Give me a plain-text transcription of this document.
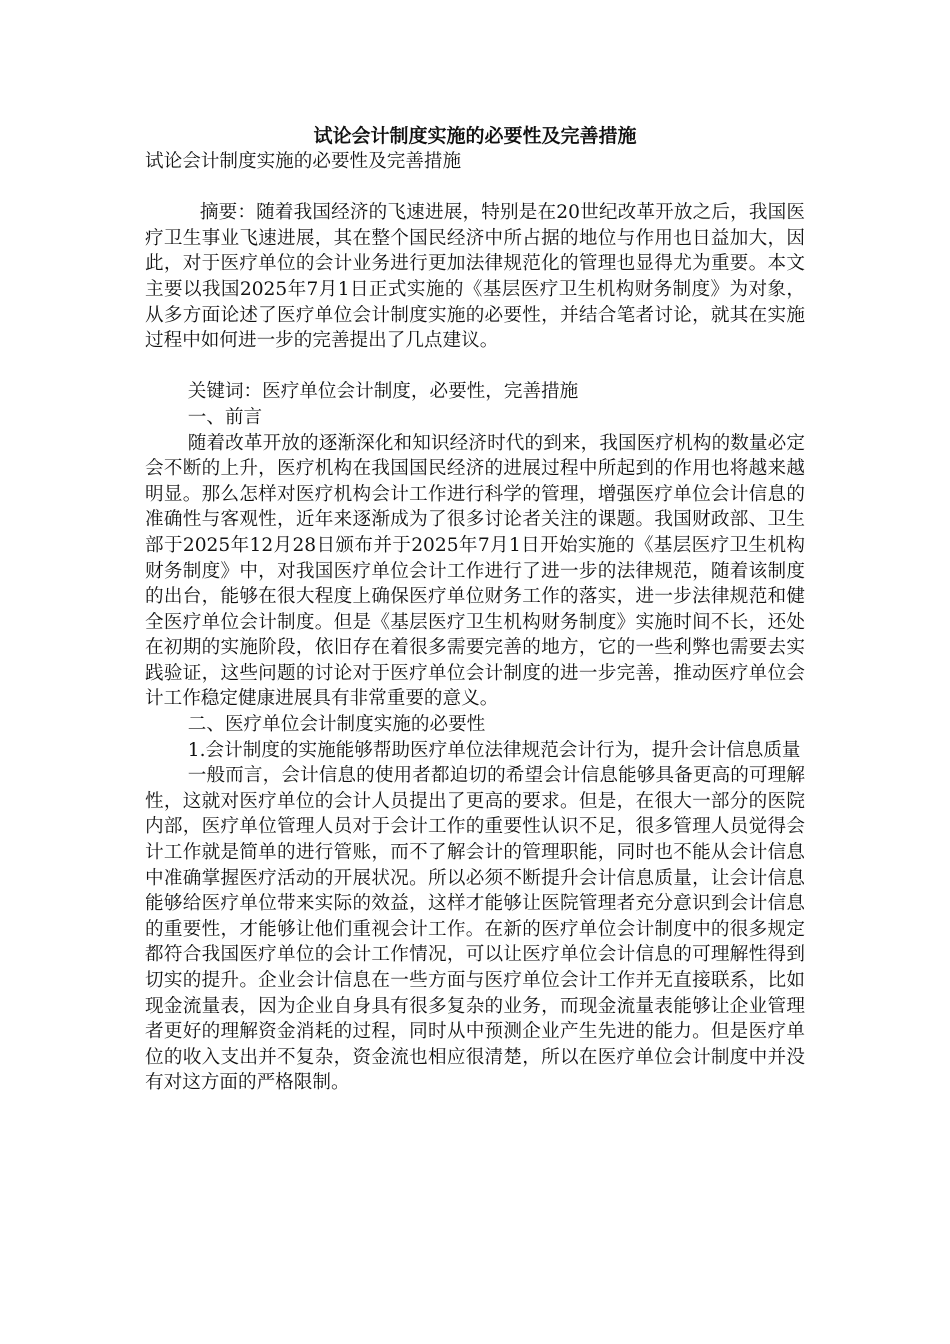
试论会计制度实施的必要性及完善措施

试论会计制度实施的必要性及完善措施

摘要：随着我国经济的飞速进展，特别是在20世纪改革开放之后，我国医疗卫生事业飞速进展，其在整个国民经济中所占据的地位与作用也日益加大，因此，对于医疗单位的会计业务进行更加法律规范化的管理也显得尤为重要。本文主要以我国2025年7月1日正式实施的《基层医疗卫生机构财务制度》为对象，从多方面论述了医疗单位会计制度实施的必要性，并结合笔者讨论，就其在实施过程中如何进一步的完善提出了几点建议。

关键词：医疗单位会计制度，必要性，完善措施

一、前言

随着改革开放的逐渐深化和知识经济时代的到来，我国医疗机构的数量必定会不断的上升，医疗机构在我国国民经济的进展过程中所起到的作用也将越来越明显。那么怎样对医疗机构会计工作进行科学的管理，增强医疗单位会计信息的准确性与客观性，近年来逐渐成为了很多讨论者关注的课题。我国财政部、卫生部于2025年12月28日颁布并于2025年7月1日开始实施的《基层医疗卫生机构财务制度》中，对我国医疗单位会计工作进行了进一步的法律规范，随着该制度的出台，能够在很大程度上确保医疗单位财务工作的落实，进一步法律规范和健全医疗单位会计制度。但是《基层医疗卫生机构财务制度》实施时间不长，还处在初期的实施阶段，依旧存在着很多需要完善的地方，它的一些利弊也需要去实践验证，这些问题的讨论对于医疗单位会计制度的进一步完善，推动医疗单位会计工作稳定健康进展具有非常重要的意义。

二、医疗单位会计制度实施的必要性

1.会计制度的实施能够帮助医疗单位法律规范会计行为，提升会计信息质量

一般而言，会计信息的使用者都迫切的希望会计信息能够具备更高的可理解性，这就对医疗单位的会计人员提出了更高的要求。但是，在很大一部分的医院内部，医疗单位管理人员对于会计工作的重要性认识不足，很多管理人员觉得会计工作就是简单的进行管账，而不了解会计的管理职能，同时也不能从会计信息中准确掌握医疗活动的开展状况。所以必须不断提升会计信息质量，让会计信息能够给医疗单位带来实际的效益，这样才能够让医院管理者充分意识到会计信息的重要性，才能够让他们重视会计工作。在新的医疗单位会计制度中的很多规定都符合我国医疗单位的会计工作情况，可以让医疗单位会计信息的可理解性得到切实的提升。企业会计信息在一些方面与医疗单位会计工作并无直接联系，比如现金流量表，因为企业自身具有很多复杂的业务，而现金流量表能够让企业管理者更好的理解资金消耗的过程，同时从中预测企业产生先进的能力。但是医疗单位的收入支出并不复杂，资金流也相应很清楚，所以在医疗单位会计制度中并没有对这方面的严格限制。
